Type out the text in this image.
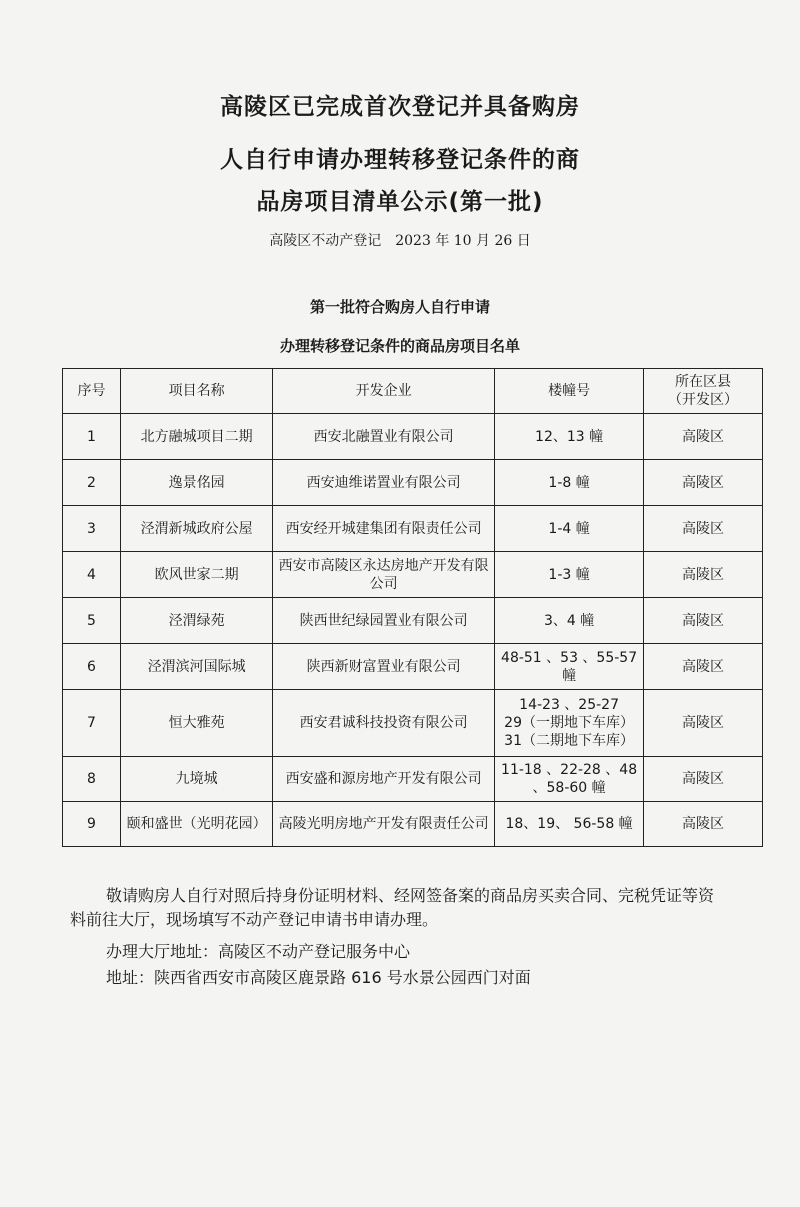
高陵区已完成首次登记并具备购房
人自行申请办理转移登记条件的商
品房项目清单公示(第一批)
高陵区不动产登记　2023 年 10 月 26 日
第一批符合购房人自行申请
办理转移登记条件的商品房项目名单
序号	项目名称	开发企业	楼幢号	所在区县
（开发区）

1	北方融城项目二期	西安北融置业有限公司	12、13 幢	高陵区
2	逸景佲园	西安迪维诺置业有限公司	1-8 幢	高陵区
3	泾渭新城政府公屋	西安经开城建集团有限责任公司	1-4 幢	高陵区
4	欧风世家二期	西安市高陵区永达房地产开发有限公司	1-3 幢	高陵区
5	泾渭绿苑	陕西世纪绿园置业有限公司	3、4 幢	高陵区
6	泾渭滨河国际城	陕西新财富置业有限公司	48-51 、53 、55-57 幢	高陵区
7	恒大雅苑	西安君诚科技投资有限公司	14-23 、25-27
29（一期地下车库）
31（二期地下车库）	高陵区
8	九境城	西安盛和源房地产开发有限公司	11-18 、22-28 、48 、58-60 幢	高陵区
9	颐和盛世（光明花园）	高陵光明房地产开发有限责任公司	18、19、 56-58 幢	高陵区
敬请购房人自行对照后持身份证明材料、经网签备案的商品房买卖合同、完税凭证等资料前往大厅，现场填写不动产登记申请书申请办理。
办理大厅地址：高陵区不动产登记服务中心
地址：陕西省西安市高陵区鹿景路 616 号水景公园西门对面
